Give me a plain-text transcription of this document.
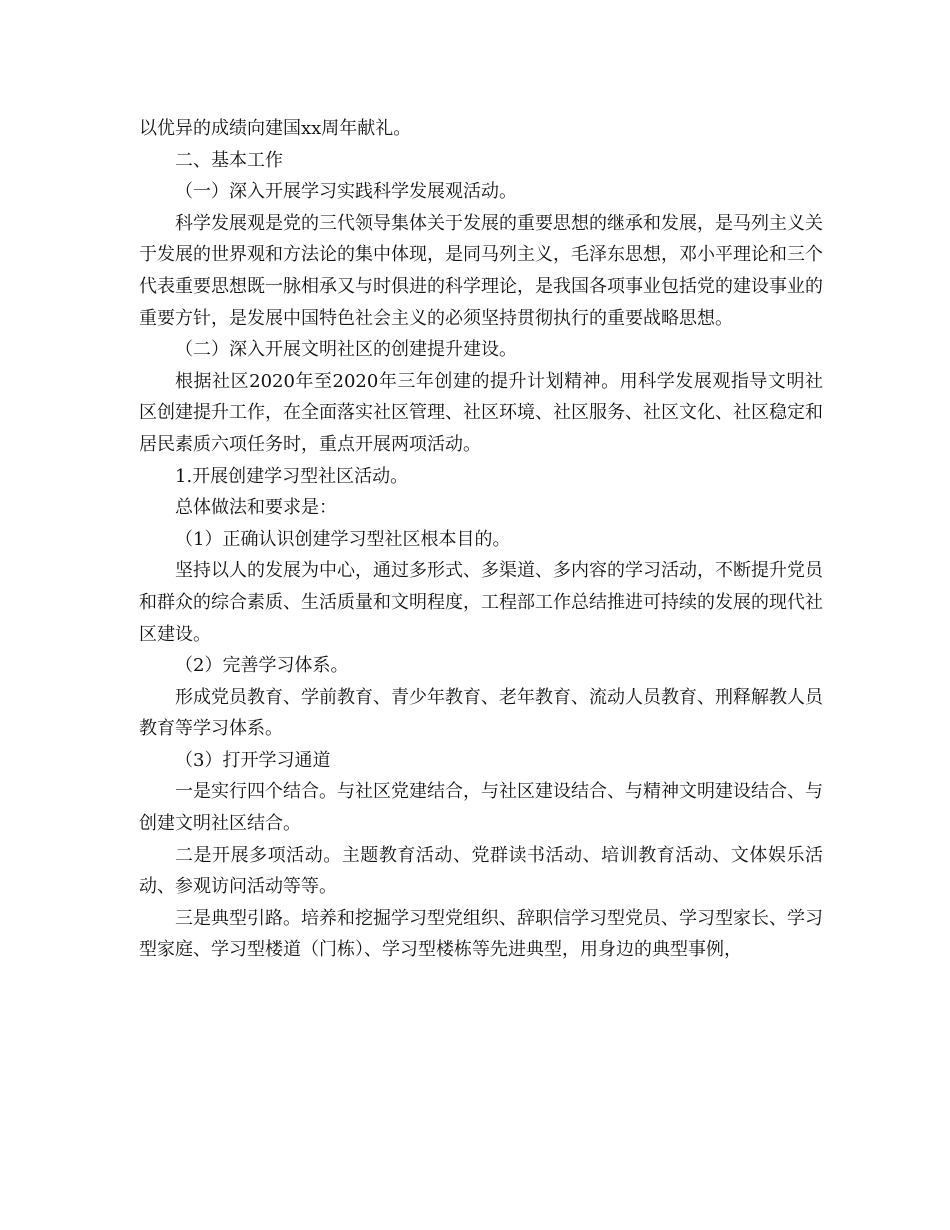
以优异的成绩向建国xx周年献礼。

二、基本工作

（一）深入开展学习实践科学发展观活动。

科学发展观是党的三代领导集体关于发展的重要思想的继承和发展，是马列主义关于发展的世界观和方法论的集中体现，是同马列主义，毛泽东思想，邓小平理论和三个代表重要思想既一脉相承又与时俱进的科学理论，是我国各项事业包括党的建设事业的重要方针，是发展中国特色社会主义的必须坚持贯彻执行的重要战略思想。

（二）深入开展文明社区的创建提升建设。

根据社区2020年至2020年三年创建的提升计划精神。用科学发展观指导文明社区创建提升工作，在全面落实社区管理、社区环境、社区服务、社区文化、社区稳定和居民素质六项任务时，重点开展两项活动。

1.开展创建学习型社区活动。

总体做法和要求是：

（1）正确认识创建学习型社区根本目的。

坚持以人的发展为中心，通过多形式、多渠道、多内容的学习活动，不断提升党员和群众的综合素质、生活质量和文明程度，工程部工作总结推进可持续的发展的现代社区建设。

（2）完善学习体系。

形成党员教育、学前教育、青少年教育、老年教育、流动人员教育、刑释解教人员教育等学习体系。

（3）打开学习通道

一是实行四个结合。与社区党建结合，与社区建设结合、与精神文明建设结合、与创建文明社区结合。

二是开展多项活动。主题教育活动、党群读书活动、培训教育活动、文体娱乐活动、参观访问活动等等。

三是典型引路。培养和挖掘学习型党组织、辞职信学习型党员、学习型家长、学习型家庭、学习型楼道（门栋）、学习型楼栋等先进典型，用身边的典型事例，
